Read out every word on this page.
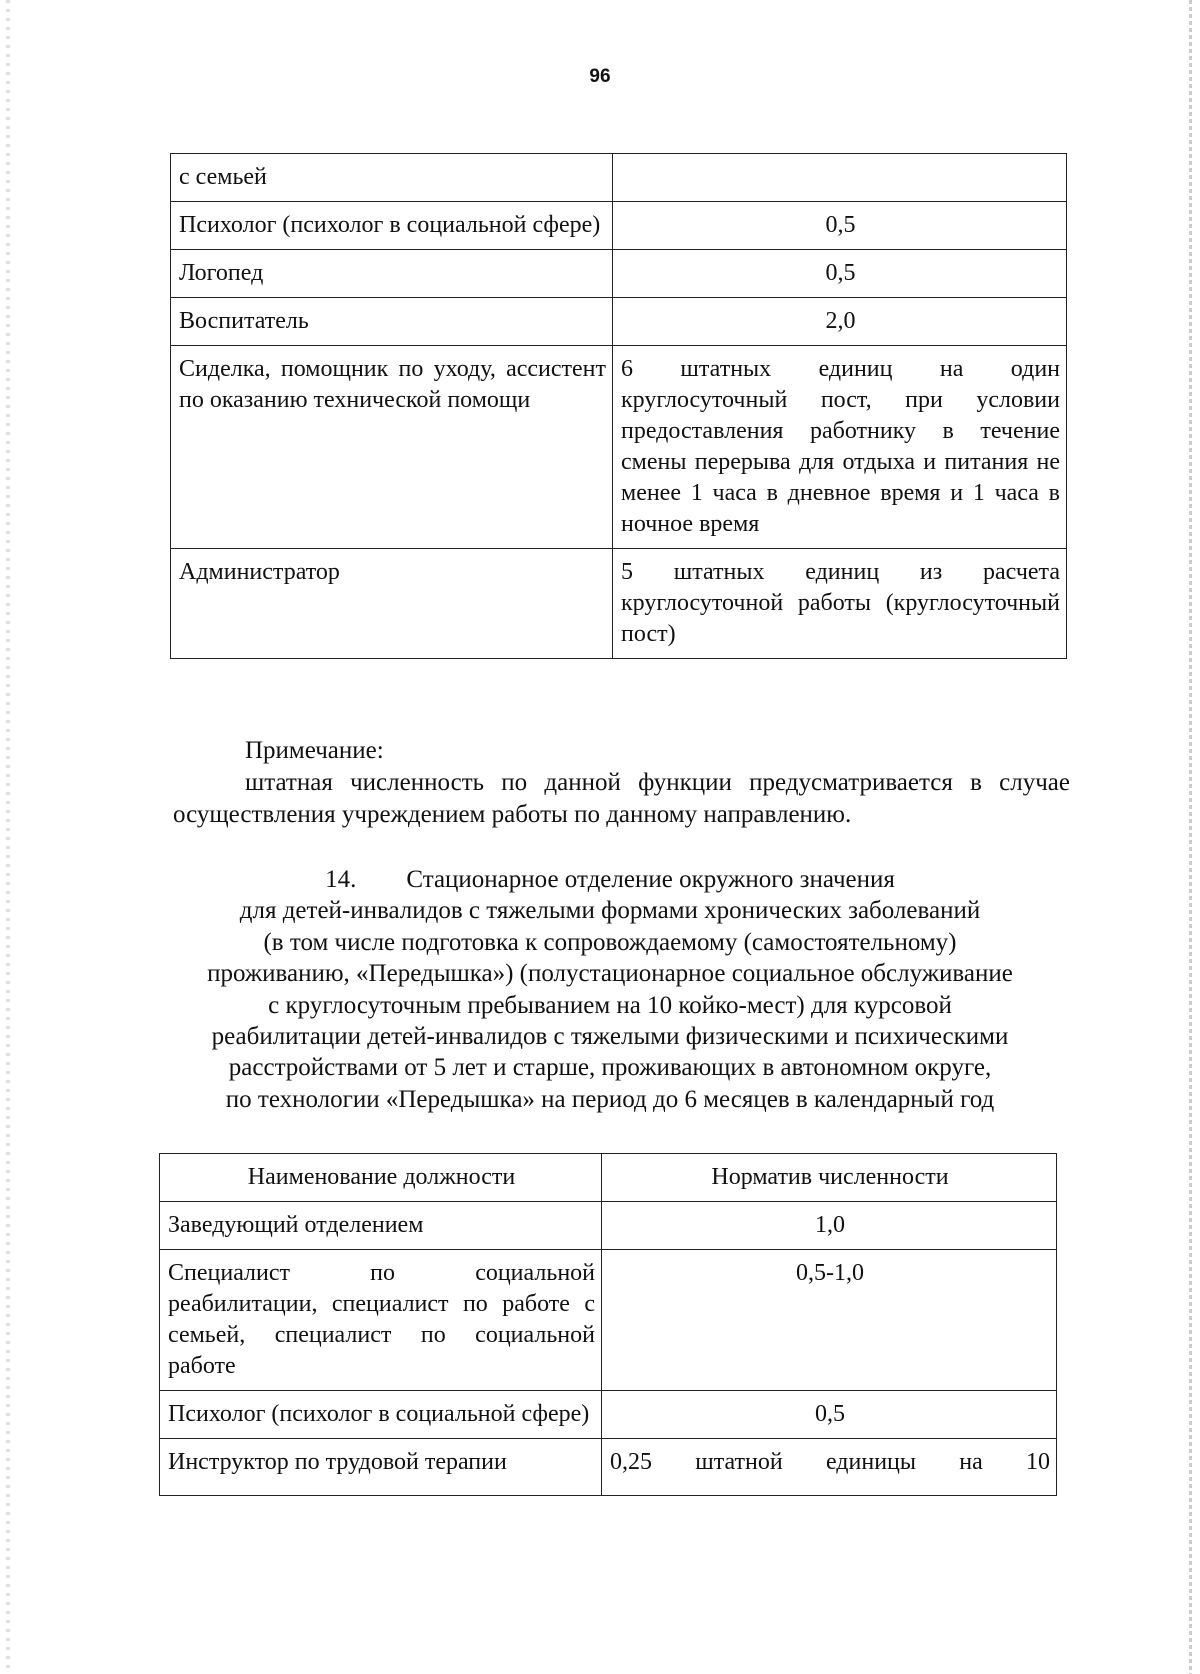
96
с семьей	
Психолог (психолог в социальной сфере)	0,5
Логопед	0,5
Воспитатель	2,0
Сиделка, помощник по уходу, ассистент по оказанию технической помощи	6 штатных единиц на один круглосуточный пост, при условии предоставления работнику в течение смены перерыва для отдыха и питания не менее 1 часа в дневное время и 1 часа в ночное время
Администратор	5 штатных единиц из расчета круглосуточной работы (круглосуточный пост)
Примечание:
штатная численность по данной функции предусматривается в случае осуществления учреждением работы по данному направлению.
14.  Стационарное отделение окружного значения
для детей-инвалидов с тяжелыми формами хронических заболеваний
(в том числе подготовка к сопровождаемому (самостоятельному)
проживанию, «Передышка») (полустационарное социальное обслуживание
с круглосуточным пребыванием на 10 койко-мест) для курсовой
реабилитации детей-инвалидов с тяжелыми физическими и психическими
расстройствами от 5 лет и старше, проживающих в автономном округе,
по технологии «Передышка» на период до 6 месяцев в календарный год
Наименование должности	Норматив численности
Заведующий отделением	1,0
Специалист по социальной реабилитации, специалист по работе с семьей, специалист по социальной работе	0,5-1,0
Психолог (психолог в социальной сфере)	0,5
Инструктор по трудовой терапии	0,25 штатной единицы на 10
